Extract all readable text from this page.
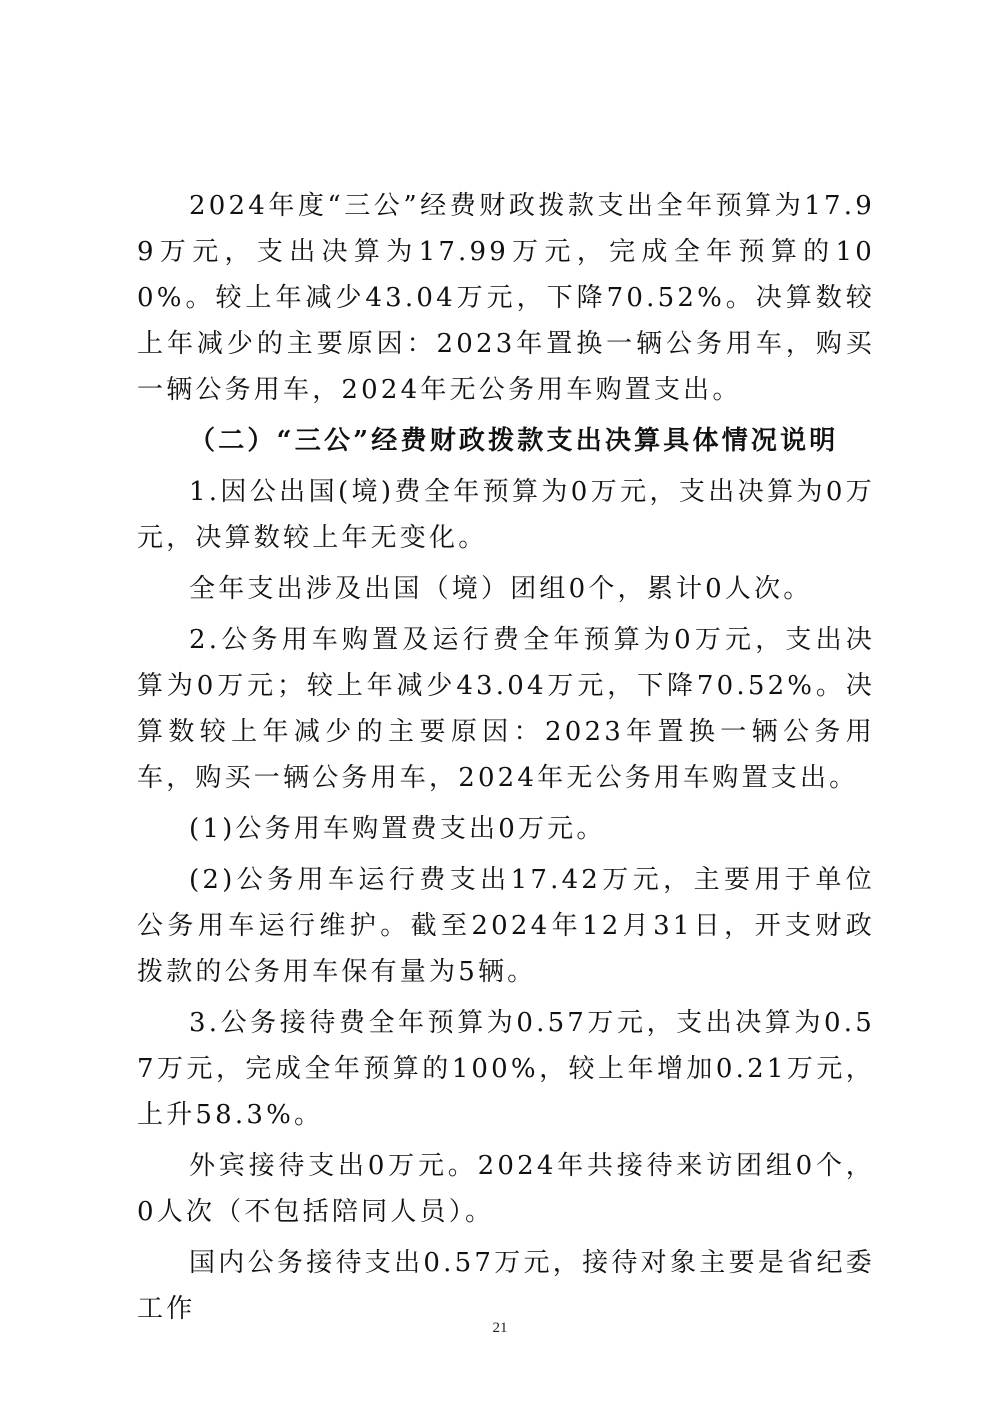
2024年度“三公”经费财政拨款支出全年预算为17.99万元，支出决算为17.99万元，完成全年预算的100%。较上年减少43.04万元，下降70.52%。决算数较上年减少的主要原因：2023年置换一辆公务用车，购买一辆公务用车，2024年无公务用车购置支出。

（二）“三公”经费财政拨款支出决算具体情况说明

1.因公出国(境)费全年预算为0万元，支出决算为0万元，决算数较上年无变化。

全年支出涉及出国（境）团组0个，累计0人次。

2.公务用车购置及运行费全年预算为0万元，支出决算为0万元；较上年减少43.04万元，下降70.52%。决算数较上年减少的主要原因：2023年置换一辆公务用车，购买一辆公务用车，2024年无公务用车购置支出。

(1)公务用车购置费支出0万元。

(2)公务用车运行费支出17.42万元，主要用于单位公务用车运行维护。截至2024年12月31日，开支财政拨款的公务用车保有量为5辆。

3.公务接待费全年预算为0.57万元，支出决算为0.57万元，完成全年预算的100%，较上年增加0.21万元，上升58.3%。

外宾接待支出0万元。2024年共接待来访团组0个，0人次（不包括陪同人员）。

国内公务接待支出0.57万元，接待对象主要是省纪委工作

21
